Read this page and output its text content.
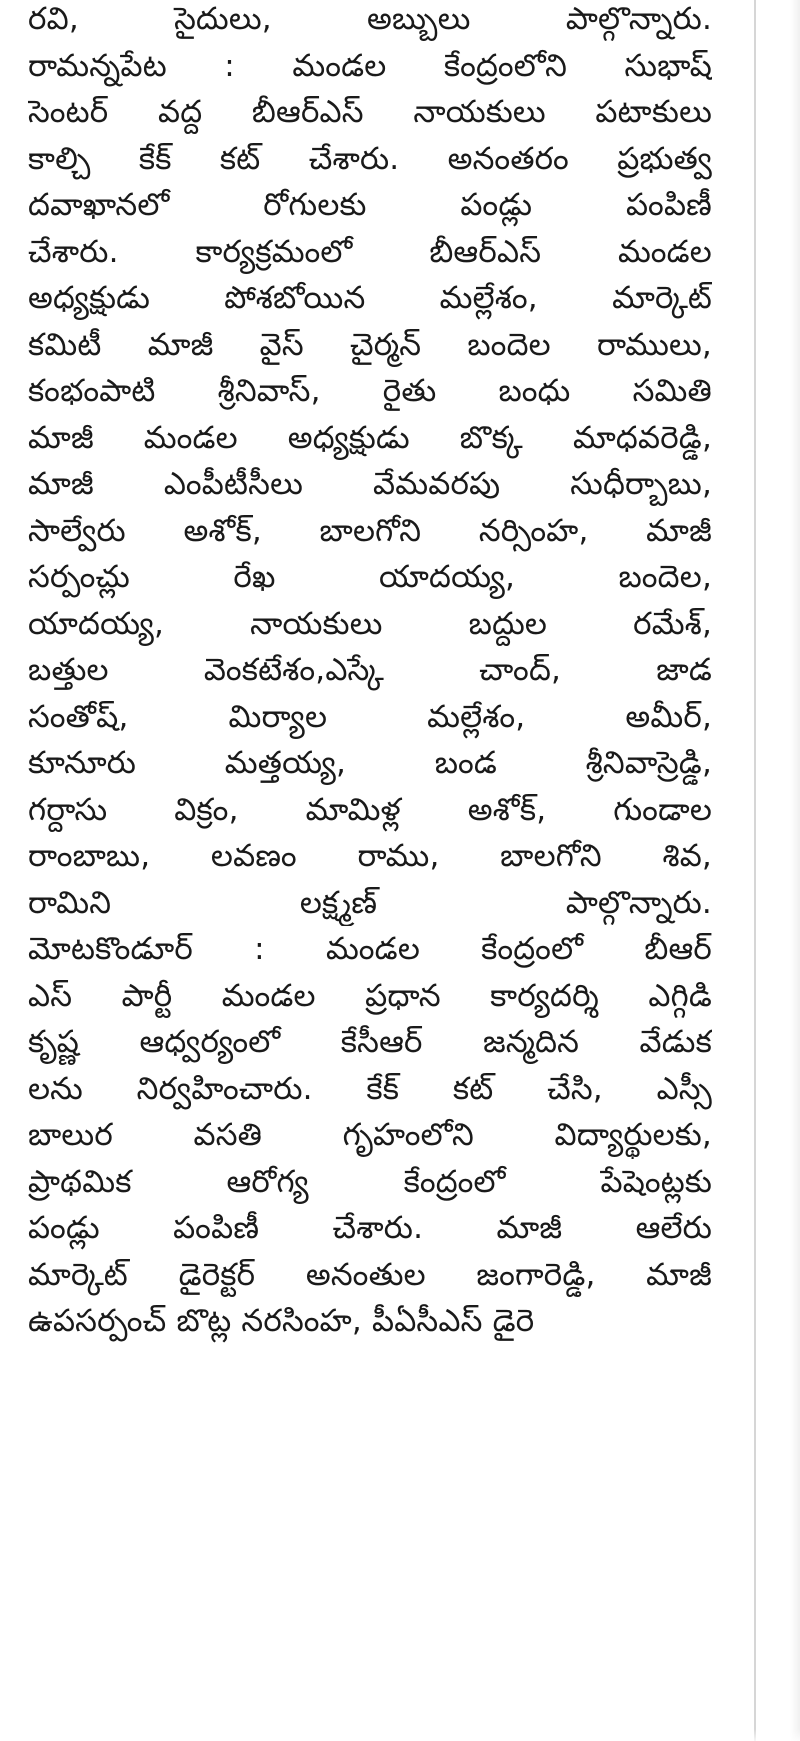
రవి, సైదులు, అబ్బులు పాల్గొన్నారు.
రామన్నపేట : మండల కేంద్రంలోని సుభాష్
సెంటర్ వద్ద బీఆర్ఎస్ నాయకులు పటాకులు
కాల్చి కేక్ కట్ చేశారు. అనంతరం ప్రభుత్వ
దవాఖానలో రోగులకు పండ్లు పంపిణీ
చేశారు. కార్యక్రమంలో బీఆర్ఎస్ మండల
అధ్యక్షుడు పోశబోయిన మల్లేశం, మార్కెట్
కమిటీ మాజీ వైస్ చైర్మన్ బందెల రాములు,
కంభంపాటి శ్రీనివాస్, రైతు బంధు సమితి
మాజీ మండల అధ్యక్షుడు బొక్క మాధవరెడ్డి,
మాజీ ఎంపీటీసీలు వేమవరపు సుధీర్బాబు,
సాల్వేరు అశోక్, బాలగోని నర్సింహ, మాజీ
సర్పంచ్లు రేఖ యాదయ్య, బందెల,
యాదయ్య, నాయకులు బద్దుల రమేశ్,
బత్తుల వెంకటేశం,ఎస్కే చాంద్, జాడ
సంతోష్, మిర్యాల మల్లేశం, అమీర్,
కూనూరు మత్తయ్య, బండ శ్రీనివాస్రెడ్డి,
గర్దాసు విక్రం, మామిళ్ల అశోక్, గుండాల
రాంబాబు, లవణం రాము, బాలగోని శివ,
రామిని లక్ష్మణ్ పాల్గొన్నారు.
మోటకొండూర్ : మండల కేంద్రంలో బీఆర్
ఎస్ పార్టీ మండల ప్రధాన కార్యదర్శి ఎగ్గిడి
కృష్ణ ఆధ్వర్యంలో కేసీఆర్ జన్మదిన వేడుక
లను నిర్వహించారు. కేక్ కట్ చేసి, ఎస్సీ
బాలుర వసతి గృహంలోని విద్యార్థులకు,
ప్రాథమిక ఆరోగ్య కేంద్రంలో పేషెంట్లకు
పండ్లు పంపిణీ చేశారు. మాజీ ఆలేరు
మార్కెట్ డైరెక్టర్ అనంతుల జంగారెడ్డి, మాజీ
ఉపసర్పంచ్ బొట్ల నరసింహ, పీఏసీఎస్ డైరె
